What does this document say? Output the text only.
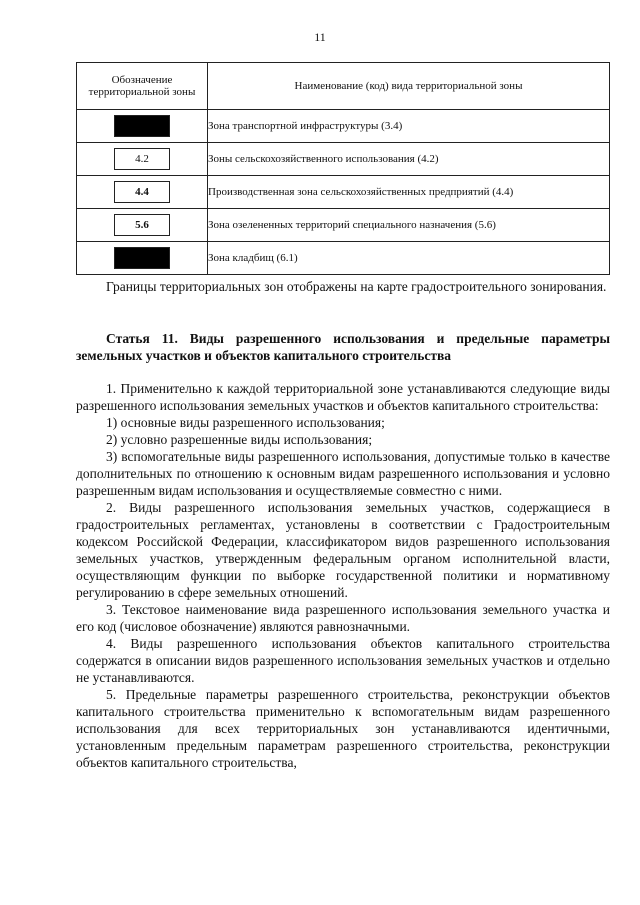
11
Обозначение территориальной зоны	Наименование (код) вида территориальной зоны
	Зона транспортной инфраструктуры (3.4)
4.2	Зоны сельскохозяйственного использования (4.2)
4.4	Производственная зона сельскохозяйственных предприятий (4.4)
5.6	Зона озелененных территорий специального назначения (5.6)
	Зона кладбищ (6.1)

Границы территориальных зон отображены на карте градостроительного зонирования.

Статья 11. Виды разрешенного использования и предельные параметры земельных участков и объектов капитального строительства

1. Применительно к каждой территориальной зоне устанавливаются следующие виды разрешенного использования земельных участков и объектов капитального строительства:

1) основные виды разрешенного использования;

2) условно разрешенные виды использования;

3) вспомогательные виды разрешенного использования, допустимые только в качестве дополнительных по отношению к основным видам разрешенного использования и условно разрешенным видам использования и осуществляемые совместно с ними.

2. Виды разрешенного использования земельных участков, содержащиеся в градостроительных регламентах, установлены в соответствии с Градостроительным кодексом Российской Федерации, классификатором видов разрешенного использования земельных участков, утвержденным федеральным органом исполнительной власти, осуществляющим функции по выборке государственной политики и нормативному регулированию в сфере земельных отношений.

3. Текстовое наименование вида разрешенного использования земельного участка и его код (числовое обозначение) являются равнозначными.

4. Виды разрешенного использования объектов капитального строительства содержатся в описании видов разрешенного использования земельных участков и отдельно не устанавливаются.

5. Предельные параметры разрешенного строительства, реконструкции объектов капитального строительства применительно к вспомогательным видам разрешенного использования для всех территориальных зон устанавливаются идентичными, установленным предельным параметрам разрешенного строительства, реконструкции объектов капитального строительства,
